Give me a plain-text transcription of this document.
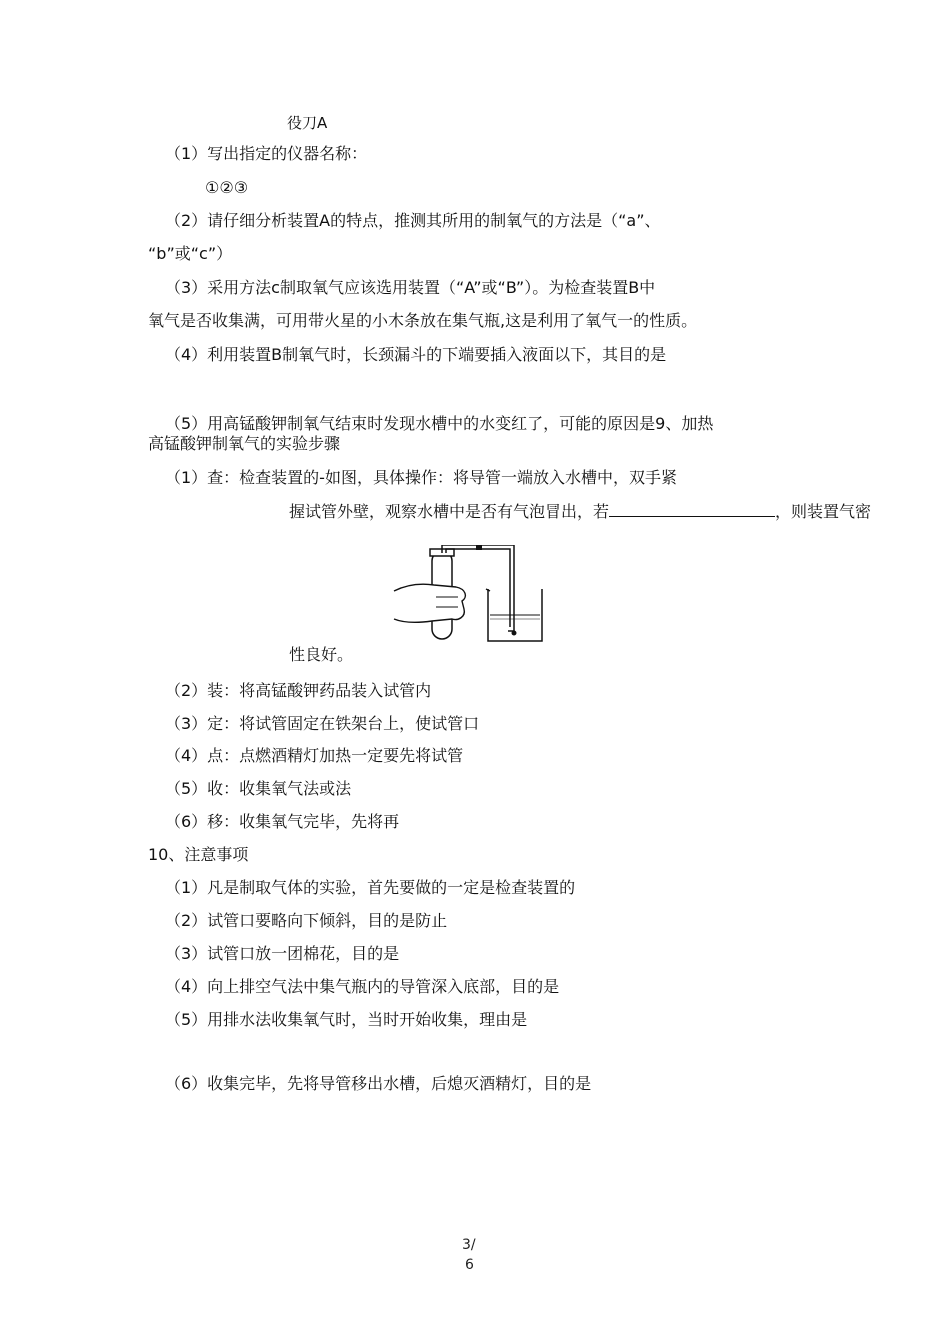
役刀A
（1）写出指定的仪器名称：
①②③
（2）请仔细分析装置A的特点，推测其所用的制氧气的方法是（“a”、
“b”或“c”）
（3）采用方法c制取氧气应该选用装置（“A”或“B”）。为检查装置B中
氧气是否收集满，可用带火星的小木条放在集气瓶,这是利用了氧气一的性质。
（4）利用装置B制氧气时，长颈漏斗的下端要插入液面以下，其目的是
（5）用高锰酸钾制氧气结束时发现水槽中的水变红了，可能的原因是9、加热
高锰酸钾制氧气的实验步骤
（1）查：检查装置的-如图，具体操作：将导管一端放入水槽中，双手紧
握试管外壁，观察水槽中是否有气泡冒出，若	，则装置气密
性良好。
（2）装：将高锰酸钾药品装入试管内
（3）定：将试管固定在铁架台上，使试管口
（4）点：点燃酒精灯加热一定要先将试管
（5）收：收集氧气法或法
（6）移：收集氧气完毕，先将再
10、注意事项
（1）凡是制取气体的实验，首先要做的一定是检查装置的
（2）试管口要略向下倾斜，目的是防止
（3）试管口放一团棉花，目的是
（4）向上排空气法中集气瓶内的导管深入底部，目的是
（5）用排水法收集氧气时，当时开始收集，理由是
（6）收集完毕，先将导管移出水槽，后熄灭酒精灯，目的是
3/
6
